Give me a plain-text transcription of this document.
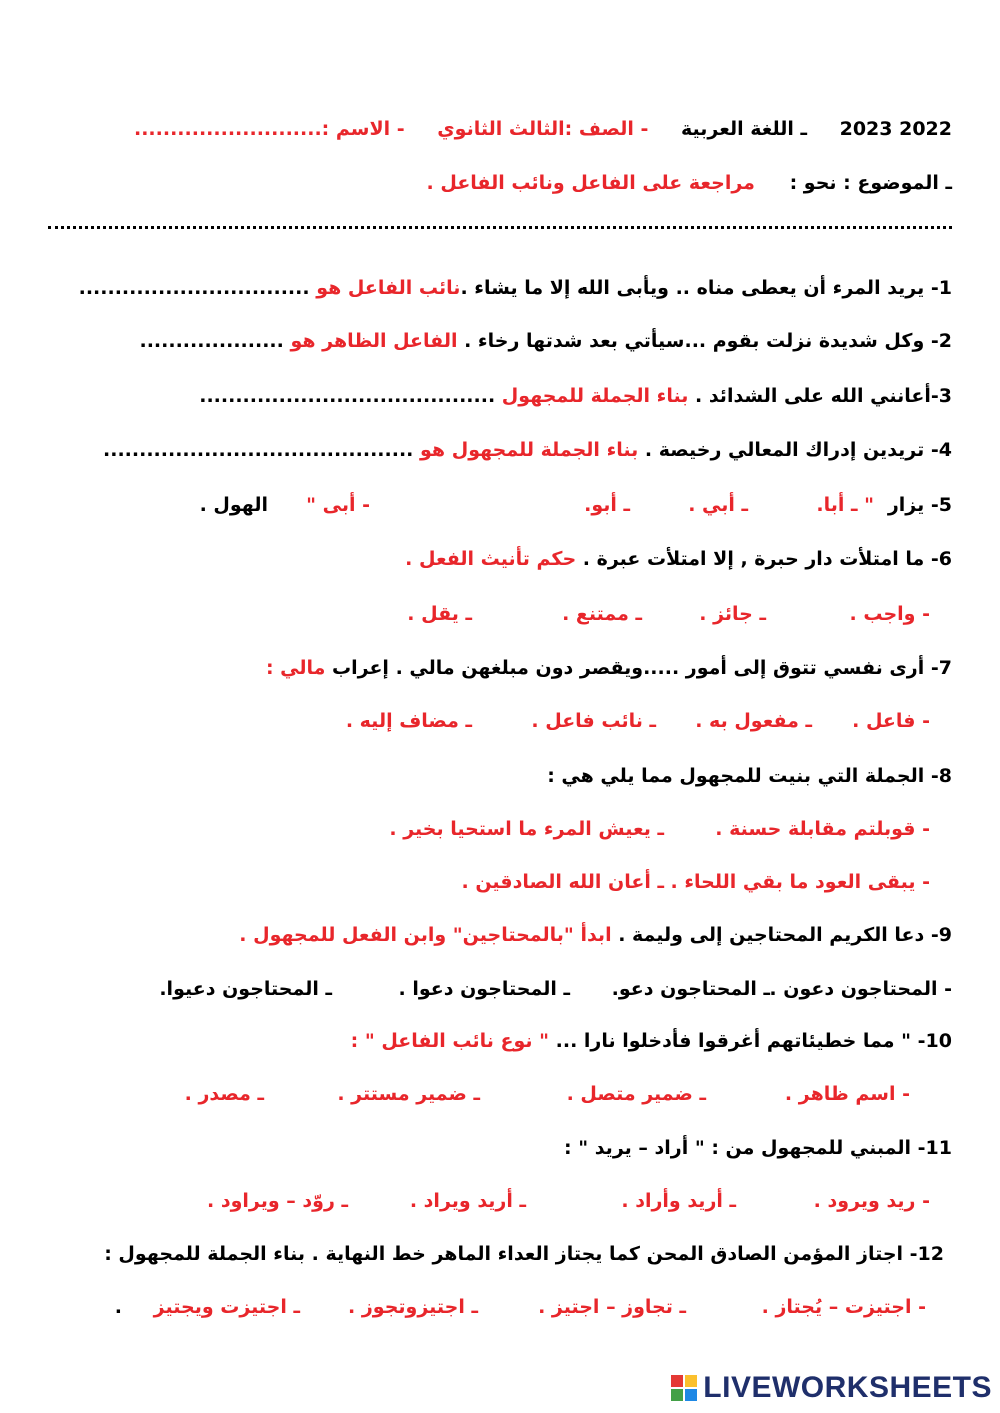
2022 2023 ـ اللغة العربية - الصف :الثالث الثانوي - الاسم :..........................
ـ الموضوع : نحو : مراجعة على الفاعل ونائب الفاعل .
1- يريد المرء أن يعطى مناه .. ويأبى الله إلا ما يشاء .نائب الفاعل هو ................................
2- وكل شديدة نزلت بقوم ...سيأتي بعد شدتها رخاء . الفاعل الظاهر هو ....................
3-أعانني الله على الشدائد . بناء الجملة للمجهول .........................................
4- تريدين إدراك المعالي رخيصة . بناء الجملة للمجهول هو ...........................................
5- يزار
" ـ أبا.
ـ أبي .
ـ أبو.
- أبى "
الهول .
6- ما امتلأت دار حبرة , إلا امتلأت عبرة . حكم تأنيث الفعل .
- واجب .
ـ جائز .
ـ ممتنع .
ـ يقل .
7- أرى نفسي تتوق إلى أمور .....ويقصر دون مبلغهن مالي . إعراب مالي :
- فاعل .
ـ مفعول به .
ـ نائب فاعل .
ـ مضاف إليه .
8- الجملة التي بنيت للمجهول مما يلي هي :
- قوبلتم مقابلة حسنة .
ـ يعيش المرء ما استحيا بخير .
- يبقى العود ما بقي اللحاء .
ـ أعان الله الصادقين .
9- دعا الكريم المحتاجين إلى وليمة . ابدأ "بالمحتاجين" وابن الفعل للمجهول .
- المحتاجون دعون .
ـ المحتاجون دعو.
ـ المحتاجون دعوا .
ـ المحتاجون دعيوا.
10- " مما خطيئاتهم أغرقوا فأدخلوا نارا ... " نوع نائب الفاعل " :
- اسم ظاهر .
ـ ضمير متصل .
ـ ضمير مستتر .
ـ مصدر .
11- المبني للمجهول من : " أراد – يريد " :
- ريد ويرود .
ـ أريد وأراد .
ـ أريد ويراد .
ـ روّد – ويراود .
12- اجتاز المؤمن الصادق المحن كما يجتاز العداء الماهر خط النهاية . بناء الجملة للمجهول :
- اجتيزت – يُجتاز .
ـ تجاوز – اجتيز .
ـ اجتيزوتجوز .
ـ اجتيزت ويجتيز
.
LIVEWORKSHEETS
